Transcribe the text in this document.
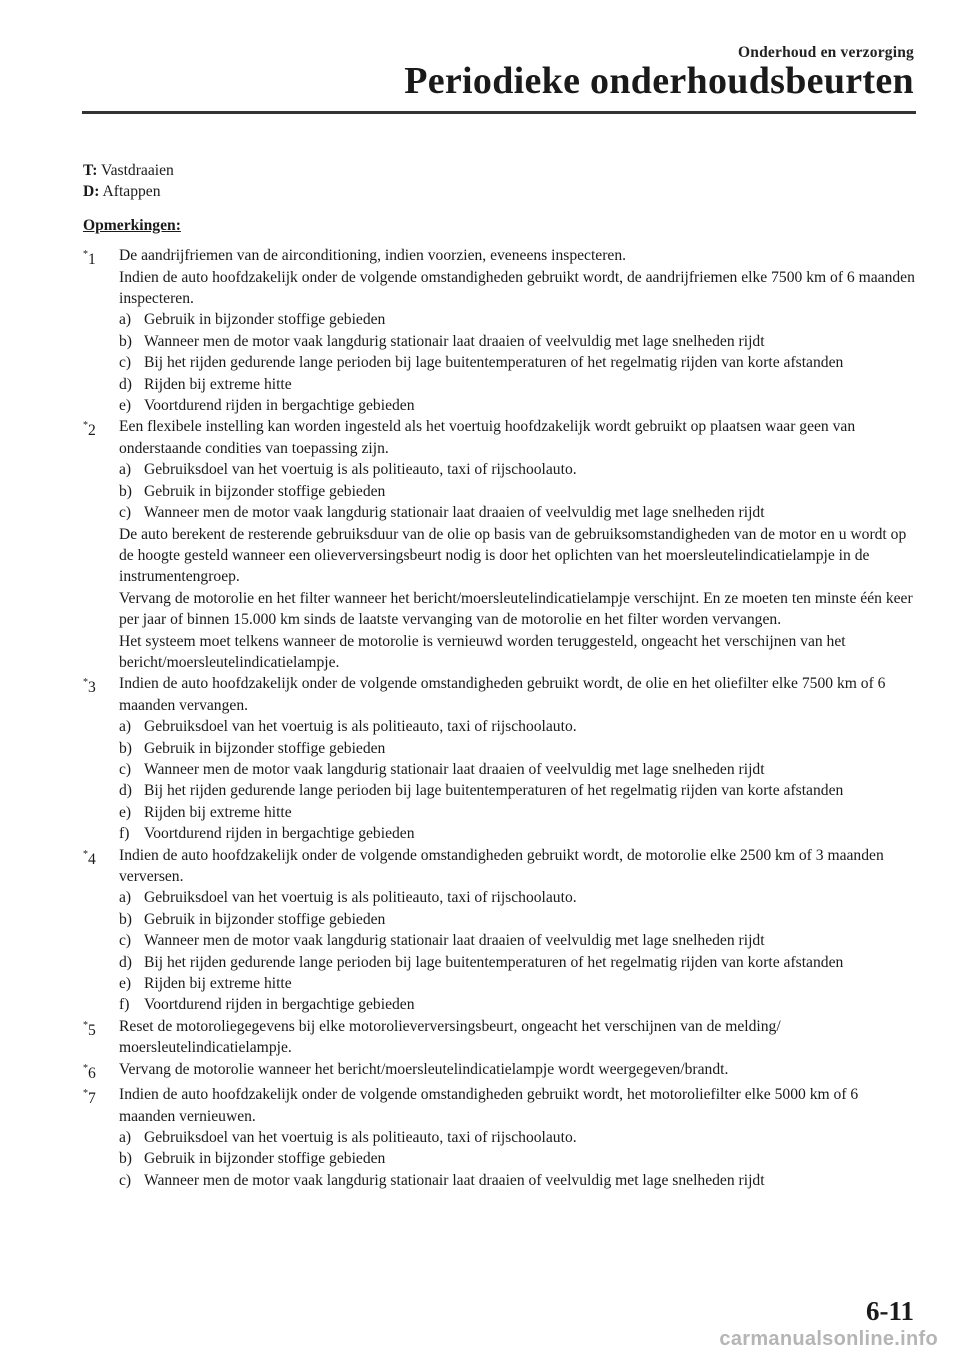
Onderhoud en verzorging
Periodieke onderhoudsbeurten
T: Vastdraaien
D: Aftappen
Opmerkingen:
*1	De aandrijfriemen van de airconditioning, indien voorzien, eveneens inspecteren.
Indien de auto hoofdzakelijk onder de volgende omstandigheden gebruikt wordt, de aandrijfriemen elke 7500 km of 6 maanden inspecteren.
a) Gebruik in bijzonder stoffige gebieden
b) Wanneer men de motor vaak langdurig stationair laat draaien of veelvuldig met lage snelheden rijdt
c) Bij het rijden gedurende lange perioden bij lage buitentemperaturen of het regelmatig rijden van korte afstanden
d) Rijden bij extreme hitte
e) Voortdurend rijden in bergachtige gebieden
*2	Een flexibele instelling kan worden ingesteld als het voertuig hoofdzakelijk wordt gebruikt op plaatsen waar geen van onderstaande condities van toepassing zijn.
a) Gebruiksdoel van het voertuig is als politieauto, taxi of rijschoolauto.
b) Gebruik in bijzonder stoffige gebieden
c) Wanneer men de motor vaak langdurig stationair laat draaien of veelvuldig met lage snelheden rijdt
De auto berekent de resterende gebruiksduur van de olie op basis van de gebruiksomstandigheden van de motor en u wordt op de hoogte gesteld wanneer een olieverversingsbeurt nodig is door het oplichten van het moersleutelindicatielampje in de instrumentengroep.
Vervang de motorolie en het filter wanneer het bericht/moersleutelindicatielampje verschijnt. En ze moeten ten minste één keer per jaar of binnen 15.000 km sinds de laatste vervanging van de motorolie en het filter worden vervangen.
Het systeem moet telkens wanneer de motorolie is vernieuwd worden teruggesteld, ongeacht het verschijnen van het bericht/moersleutelindicatielampje.
*3	Indien de auto hoofdzakelijk onder de volgende omstandigheden gebruikt wordt, de olie en het oliefilter elke 7500 km of 6 maanden vervangen.
a) Gebruiksdoel van het voertuig is als politieauto, taxi of rijschoolauto.
b) Gebruik in bijzonder stoffige gebieden
c) Wanneer men de motor vaak langdurig stationair laat draaien of veelvuldig met lage snelheden rijdt
d) Bij het rijden gedurende lange perioden bij lage buitentemperaturen of het regelmatig rijden van korte afstanden
e) Rijden bij extreme hitte
f) Voortdurend rijden in bergachtige gebieden
*4	Indien de auto hoofdzakelijk onder de volgende omstandigheden gebruikt wordt, de motorolie elke 2500 km of 3 maanden verversen.
a) Gebruiksdoel van het voertuig is als politieauto, taxi of rijschoolauto.
b) Gebruik in bijzonder stoffige gebieden
c) Wanneer men de motor vaak langdurig stationair laat draaien of veelvuldig met lage snelheden rijdt
d) Bij het rijden gedurende lange perioden bij lage buitentemperaturen of het regelmatig rijden van korte afstanden
e) Rijden bij extreme hitte
f) Voortdurend rijden in bergachtige gebieden
*5	Reset de motoroliegegevens bij elke motorolieverversingsbeurt, ongeacht het verschijnen van de melding/ moersleutelindicatielampje.
*6	Vervang de motorolie wanneer het bericht/moersleutelindicatielampje wordt weergegeven/brandt.
*7	Indien de auto hoofdzakelijk onder de volgende omstandigheden gebruikt wordt, het motoroliefilter elke 5000 km of 6 maanden vernieuwen.
a) Gebruiksdoel van het voertuig is als politieauto, taxi of rijschoolauto.
b) Gebruik in bijzonder stoffige gebieden
c) Wanneer men de motor vaak langdurig stationair laat draaien of veelvuldig met lage snelheden rijdt
6-11
carmanualsonline.info
